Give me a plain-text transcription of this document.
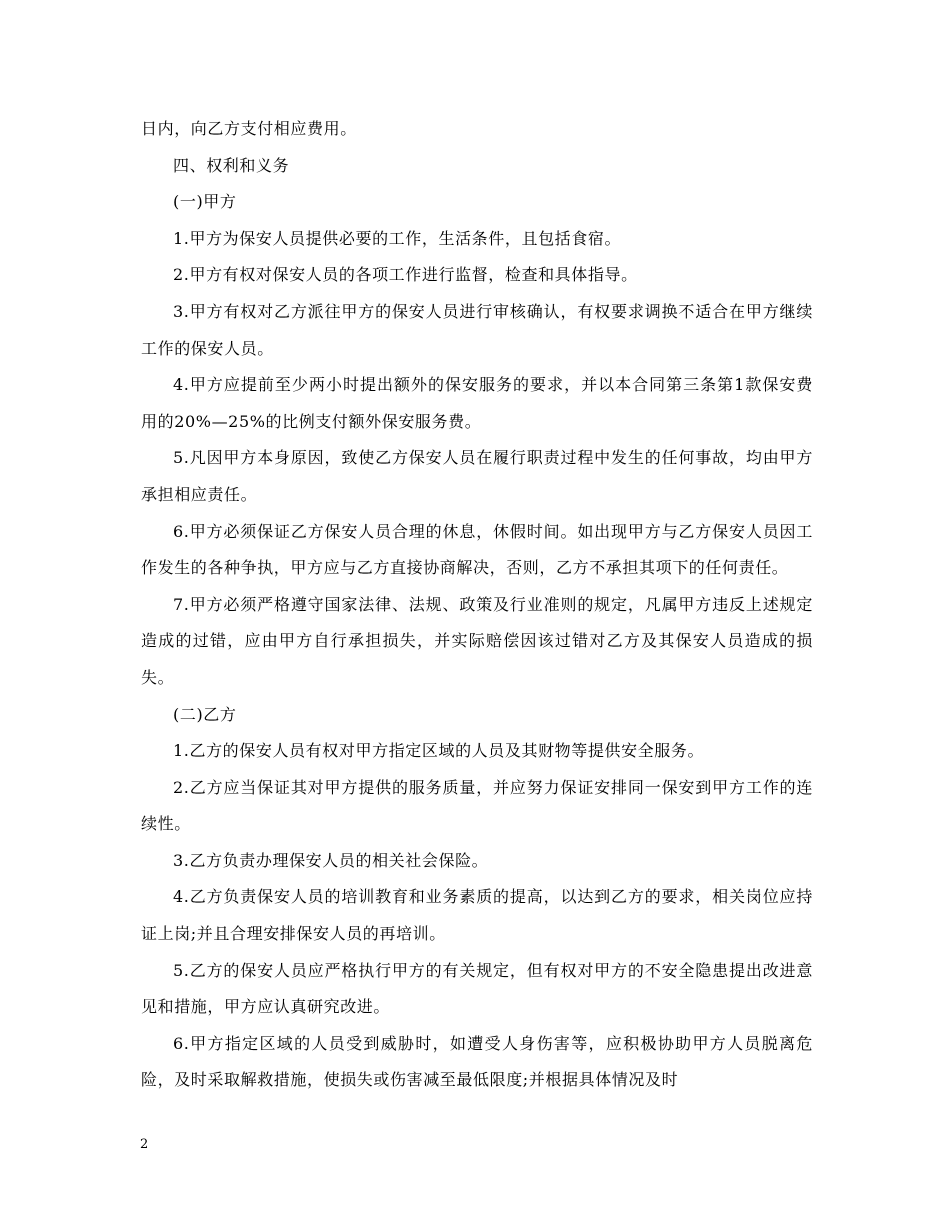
日内，向乙方支付相应费用。

四、权利和义务

(一)甲方

1.甲方为保安人员提供必要的工作，生活条件，且包括食宿。

2.甲方有权对保安人员的各项工作进行监督，检查和具体指导。

3.甲方有权对乙方派往甲方的保安人员进行审核确认，有权要求调换不适合在甲方继续工作的保安人员。

4.甲方应提前至少两小时提出额外的保安服务的要求，并以本合同第三条第1款保安费用的20%—25%的比例支付额外保安服务费。

5.凡因甲方本身原因，致使乙方保安人员在履行职责过程中发生的任何事故，均由甲方承担相应责任。

6.甲方必须保证乙方保安人员合理的休息，休假时间。如出现甲方与乙方保安人员因工作发生的各种争执，甲方应与乙方直接协商解决，否则，乙方不承担其项下的任何责任。

7.甲方必须严格遵守国家法律、法规、政策及行业准则的规定，凡属甲方违反上述规定造成的过错，应由甲方自行承担损失，并实际赔偿因该过错对乙方及其保安人员造成的损失。

(二)乙方

1.乙方的保安人员有权对甲方指定区域的人员及其财物等提供安全服务。

2.乙方应当保证其对甲方提供的服务质量，并应努力保证安排同一保安到甲方工作的连续性。

3.乙方负责办理保安人员的相关社会保险。

4.乙方负责保安人员的培训教育和业务素质的提高，以达到乙方的要求，相关岗位应持证上岗;并且合理安排保安人员的再培训。

5.乙方的保安人员应严格执行甲方的有关规定，但有权对甲方的不安全隐患提出改进意见和措施，甲方应认真研究改进。

6.甲方指定区域的人员受到威胁时，如遭受人身伤害等，应积极协助甲方人员脱离危险，及时采取解救措施，使损失或伤害减至最低限度;并根据具体情况及时

2
